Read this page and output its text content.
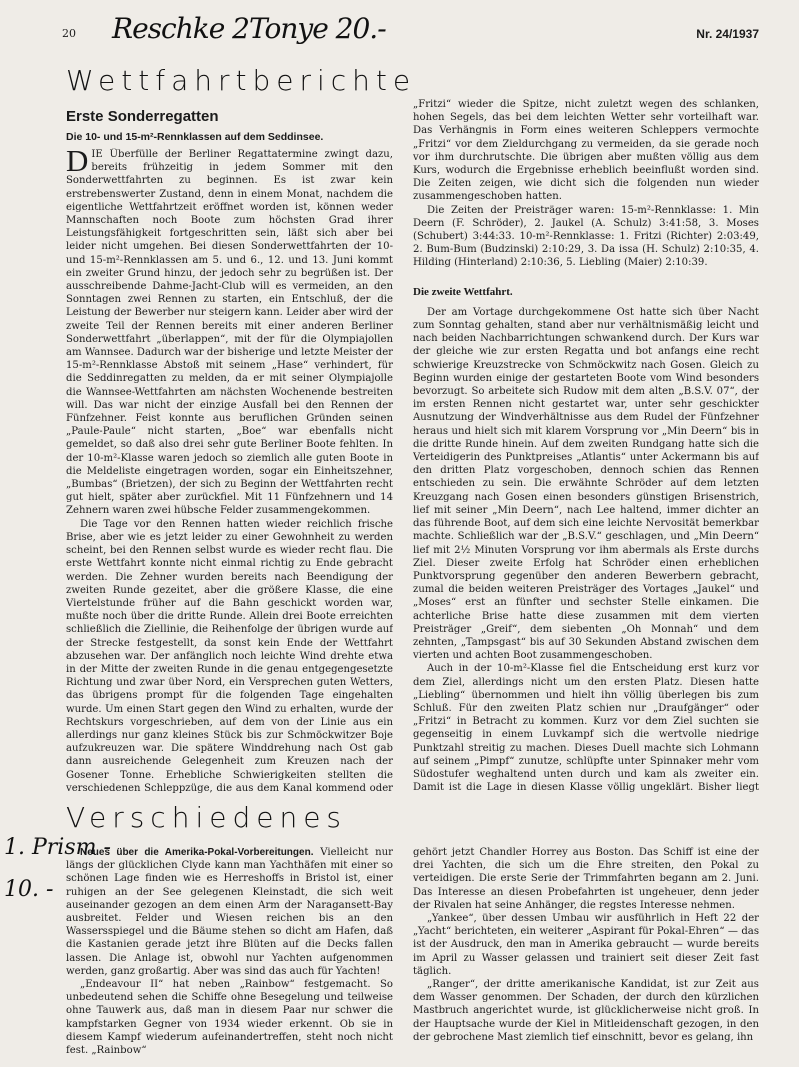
20 Reschke 2Tonye 20.-	Nr. 24/1937
Wettfahrtberichte
Erste Sonderregatten
Die 10- und 15-m²-Rennklassen auf dem Seddinsee.

DIE Überfülle der Berliner Regattatermine zwingt dazu, bereits frühzeitig in jedem Sommer mit den Sonderwettfahrten zu beginnen. Es ist zwar kein erstrebenswerter Zustand, denn in einem Monat, nachdem die eigentliche Wettfahrtzeit eröffnet worden ist, können weder Mannschaften noch Boote zum höchsten Grad ihrer Leistungsfähigkeit fortgeschritten sein, läßt sich aber bei leider nicht umgehen. Bei diesen Sonderwettfahrten der 10- und 15-m²-Rennklassen am 5. und 6., 12. und 13. Juni kommt ein zweiter Grund hinzu, der jedoch sehr zu begrüßen ist. Der ausschreibende Dahme-Jacht-Club will es vermeiden, an den Sonntagen zwei Rennen zu starten, ein Entschluß, der die Leistung der Bewerber nur steigern kann. Leider aber wird der zweite Teil der Rennen bereits mit einer anderen Berliner Sonderwettfahrt „überlappen“, mit der für die Olympiajollen am Wannsee. Dadurch war der bisherige und letzte Meister der 15-m²-Rennklasse Abstoß mit seinem „Hase“ verhindert, für die Seddinregatten zu melden, da er mit seiner Olympiajolle die Wannsee-Wettfahrten am nächsten Wochenende bestreiten will. Das war nicht der einzige Ausfall bei den Rennen der Fünfzehner. Feist konnte aus beruflichen Gründen seinen „Paule-Paule“ nicht starten, „Boe“ war ebenfalls nicht gemeldet, so daß also drei sehr gute Berliner Boote fehlten. In der 10-m²-Klasse waren jedoch so ziemlich alle guten Boote in die Meldeliste eingetragen worden, sogar ein Einheitszehner, „Bumbas“ (Brietzen), der sich zu Beginn der Wettfahrten recht gut hielt, später aber zurückfiel. Mit 11 Fünfzehnern und 14 Zehnern waren zwei hübsche Felder zusammengekommen.

Die Tage vor den Rennen hatten wieder reichlich frische Brise, aber wie es jetzt leider zu einer Gewohnheit zu werden scheint, bei den Rennen selbst wurde es wieder recht flau. Die erste Wettfahrt konnte nicht einmal richtig zu Ende gebracht werden. Die Zehner wurden bereits nach Beendigung der zweiten Runde gezeitet, aber die größere Klasse, die eine Viertelstunde früher auf die Bahn geschickt worden war, mußte noch über die dritte Runde. Allein drei Boote erreichten schließlich die Ziellinie, die Reihenfolge der übrigen wurde auf der Strecke festgestellt, da sonst kein Ende der Wettfahrt abzusehen war. Der anfänglich noch leichte Wind drehte etwa in der Mitte der zweiten Runde in die genau entgegengesetzte Richtung und zwar über Nord, ein Versprechen guten Wetters, das übrigens prompt für die folgenden Tage eingehalten wurde. Um einen Start gegen den Wind zu erhalten, wurde der Rechtskurs vorgeschrieben, auf dem von der Linie aus ein allerdings nur ganz kleines Stück bis zur Schmöckwitzer Boje aufzukreuzen war. Die spätere Winddrehung nach Ost gab dann ausreichende Gelegenheit zum Kreuzen nach der Gosener Tonne. Erhebliche Schwierigkeiten stellten die verschiedenen Schleppzüge, die aus dem Kanal kommend oder

„Fritzi“ wieder die Spitze, nicht zuletzt wegen des schlanken, hohen Segels, das bei dem leichten Wetter sehr vorteilhaft war. Das Verhängnis in Form eines weiteren Schleppers vermochte „Fritzi“ vor dem Zieldurchgang zu vermeiden, da sie gerade noch vor ihm durchrutschte. Die übrigen aber mußten völlig aus dem Kurs, wodurch die Ergebnisse erheblich beeinflußt worden sind. Die Zeiten zeigen, wie dicht sich die folgenden nun wieder zusammengeschoben hatten.

Die Zeiten der Preisträger waren: 15-m²-Rennklasse: 1. Min Deern (F. Schröder), 2. Jaukel (A. Schulz) 3:41:58, 3. Moses (Schubert) 3:44:33. 10-m²-Rennklasse: 1. Fritzi (Richter) 2:03:49, 2. Bum-Bum (Budzinski) 2:10:29, 3. Da issa (H. Schulz) 2:10:35, 4. Hilding (Hinterland) 2:10:36, 5. Liebling (Maier) 2:10:39.

Die zweite Wettfahrt.

Der am Vortage durchgekommene Ost hatte sich über Nacht zum Sonntag gehalten, stand aber nur verhältnismäßig leicht und nach beiden Nachbarrichtungen schwankend durch. Der Kurs war der gleiche wie zur ersten Regatta und bot anfangs eine recht schwierige Kreuzstrecke von Schmöckwitz nach Gosen. Gleich zu Beginn wurden einige der gestarteten Boote vom Wind besonders bevorzugt. So arbeitete sich Rudow mit dem alten „B.S.V. 07“, der im ersten Rennen nicht gestartet war, unter sehr geschickter Ausnutzung der Windverhältnisse aus dem Rudel der Fünfzehner heraus und hielt sich mit klarem Vorsprung vor „Min Deern“ bis in die dritte Runde hinein. Auf dem zweiten Rundgang hatte sich die Verteidigerin des Punktpreises „Atlantis“ unter Ackermann bis auf den dritten Platz vorgeschoben, dennoch schien das Rennen entschieden zu sein. Die erwähnte Schröder auf dem letzten Kreuzgang nach Gosen einen besonders günstigen Brisenstrich, lief mit seiner „Min Deern“, nach Lee haltend, immer dichter an das führende Boot, auf dem sich eine leichte Nervosität bemerkbar machte. Schließlich war der „B.S.V.“ geschlagen, und „Min Deern“ lief mit 2½ Minuten Vorsprung vor ihm abermals als Erste durchs Ziel. Dieser zweite Erfolg hat Schröder einen erheblichen Punktvorsprung gegenüber den anderen Bewerbern gebracht, zumal die beiden weiteren Preisträger des Vortages „Jaukel“ und „Moses“ erst an fünfter und sechster Stelle einkamen. Die achterliche Brise hatte diese zusammen mit dem vierten Preisträger „Greif“, dem siebenten „Oh Monnah“ und dem zehnten, „Tampsgast“ bis auf 30 Sekunden Abstand zwischen dem vierten und achten Boot zusammengeschoben.

Auch in der 10-m²-Klasse fiel die Entscheidung erst kurz vor dem Ziel, allerdings nicht um den ersten Platz. Diesen hatte „Liebling“ übernommen und hielt ihn völlig überlegen bis zum Schluß. Für den zweiten Platz schien nur „Draufgänger“ oder „Fritzi“ in Betracht zu kommen. Kurz vor dem Ziel suchten sie gegenseitig in einem Luvkampf sich die wertvolle niedrige Punktzahl streitig zu machen. Dieses Duell machte sich Lohmann auf seinem „Pimpf“ zunutze, schlüpfte unter Spinnaker mehr vom Südostufer weghaltend unten durch und kam als zweiter ein. Damit ist die Lage in diesen Klasse völlig ungeklärt. Bisher liegt

Verschiedenes
1. Prism -
10. -

Neues über die Amerika-Pokal-Vorbereitungen. Vielleicht nur längs der glücklichen Clyde kann man Yachthäfen mit einer so schönen Lage finden wie es Herreshoffs in Bristol ist, einer ruhigen an der See gelegenen Kleinstadt, die sich weit auseinander gezogen an dem einen Arm der Naragansett-Bay ausbreitet. Felder und Wiesen reichen bis an den Wassersspiegel und die Bäume stehen so dicht am Hafen, daß die Kastanien gerade jetzt ihre Blüten auf die Decks fallen lassen. Die Anlage ist, obwohl nur Yachten aufgenommen werden, ganz großartig. Aber was sind das auch für Yachten!

„Endeavour II“ hat neben „Rainbow“ festgemacht. So unbedeutend sehen die Schiffe ohne Besegelung und teilweise ohne Tauwerk aus, daß man in diesem Paar nur schwer die kampfstarken Gegner von 1934 wieder erkennt. Ob sie in diesem Kampf wiederum aufeinandertreffen, steht noch nicht fest. „Rainbow“

gehört jetzt Chandler Horrey aus Boston. Das Schiff ist eine der drei Yachten, die sich um die Ehre streiten, den Pokal zu verteidigen. Die erste Serie der Trimmfahrten begann am 2. Juni. Das Interesse an diesen Probefahrten ist ungeheuer, denn jeder der Rivalen hat seine Anhänger, die regstes Interesse nehmen.

„Yankee“, über dessen Umbau wir ausführlich in Heft 22 der „Yacht“ berichteten, ein weiterer „Aspirant für Pokal-Ehren“ — das ist der Ausdruck, den man in Amerika gebraucht — wurde bereits im April zu Wasser gelassen und trainiert seit dieser Zeit fast täglich.

„Ranger“, der dritte amerikanische Kandidat, ist zur Zeit aus dem Wasser genommen. Der Schaden, der durch den kürzlichen Mastbruch angerichtet wurde, ist glücklicherweise nicht groß. In der Hauptsache wurde der Kiel in Mitleidenschaft gezogen, in den der gebrochene Mast ziemlich tief einschnitt, bevor es gelang, ihn
